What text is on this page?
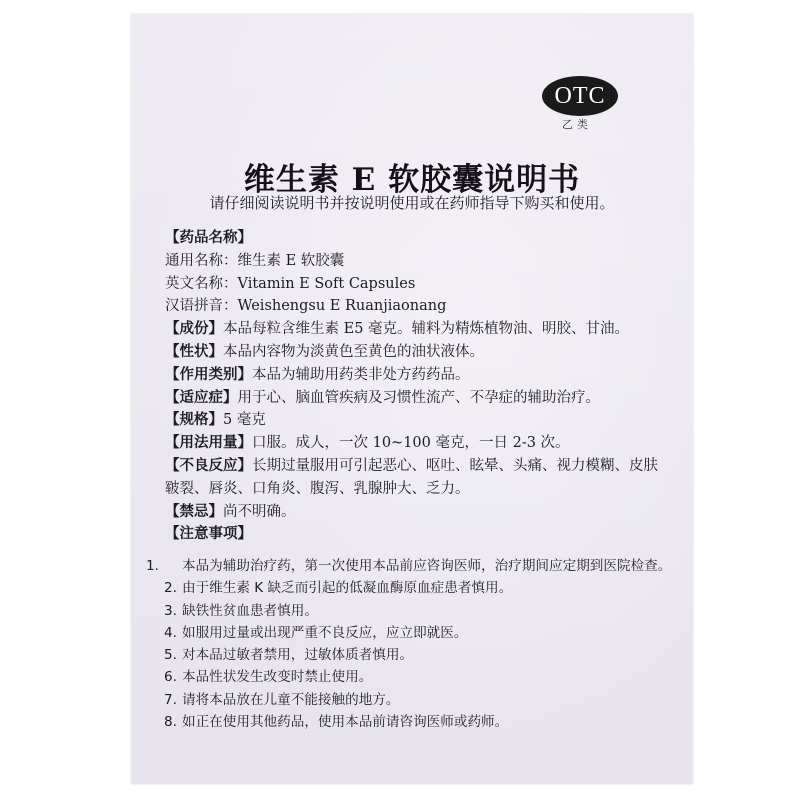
OTC
乙类
维生素 E 软胶囊说明书
请仔细阅读说明书并按说明使用或在药师指导下购买和使用。
【药品名称】
通用名称：维生素 E 软胶囊
英文名称：Vitamin E Soft Capsules
汉语拼音：Weishengsu E Ruanjiaonang
【成份】本品每粒含维生素 E5 毫克。辅料为精炼植物油、明胶、甘油。
【性状】本品内容物为淡黄色至黄色的油状液体。
【作用类别】本品为辅助用药类非处方药药品。
【适应症】用于心、脑血管疾病及习惯性流产、不孕症的辅助治疗。
【规格】5 毫克
【用法用量】口服。成人，一次 10~100 毫克，一日 2-3 次。
【不良反应】长期过量服用可引起恶心、呕吐、眩晕、头痛、视力模糊、皮肤皲裂、唇炎、口角炎、腹泻、乳腺肿大、乏力。
【禁忌】尚不明确。
【注意事项】
1. 本品为辅助治疗药，第一次使用本品前应咨询医师，治疗期间应定期到医院检查。
2. 由于维生素 K 缺乏而引起的低凝血酶原血症患者慎用。
3. 缺铁性贫血患者慎用。
4. 如服用过量或出现严重不良反应，应立即就医。
5. 对本品过敏者禁用，过敏体质者慎用。
6. 本品性状发生改变时禁止使用。
7. 请将本品放在儿童不能接触的地方。
8. 如正在使用其他药品，使用本品前请咨询医师或药师。
